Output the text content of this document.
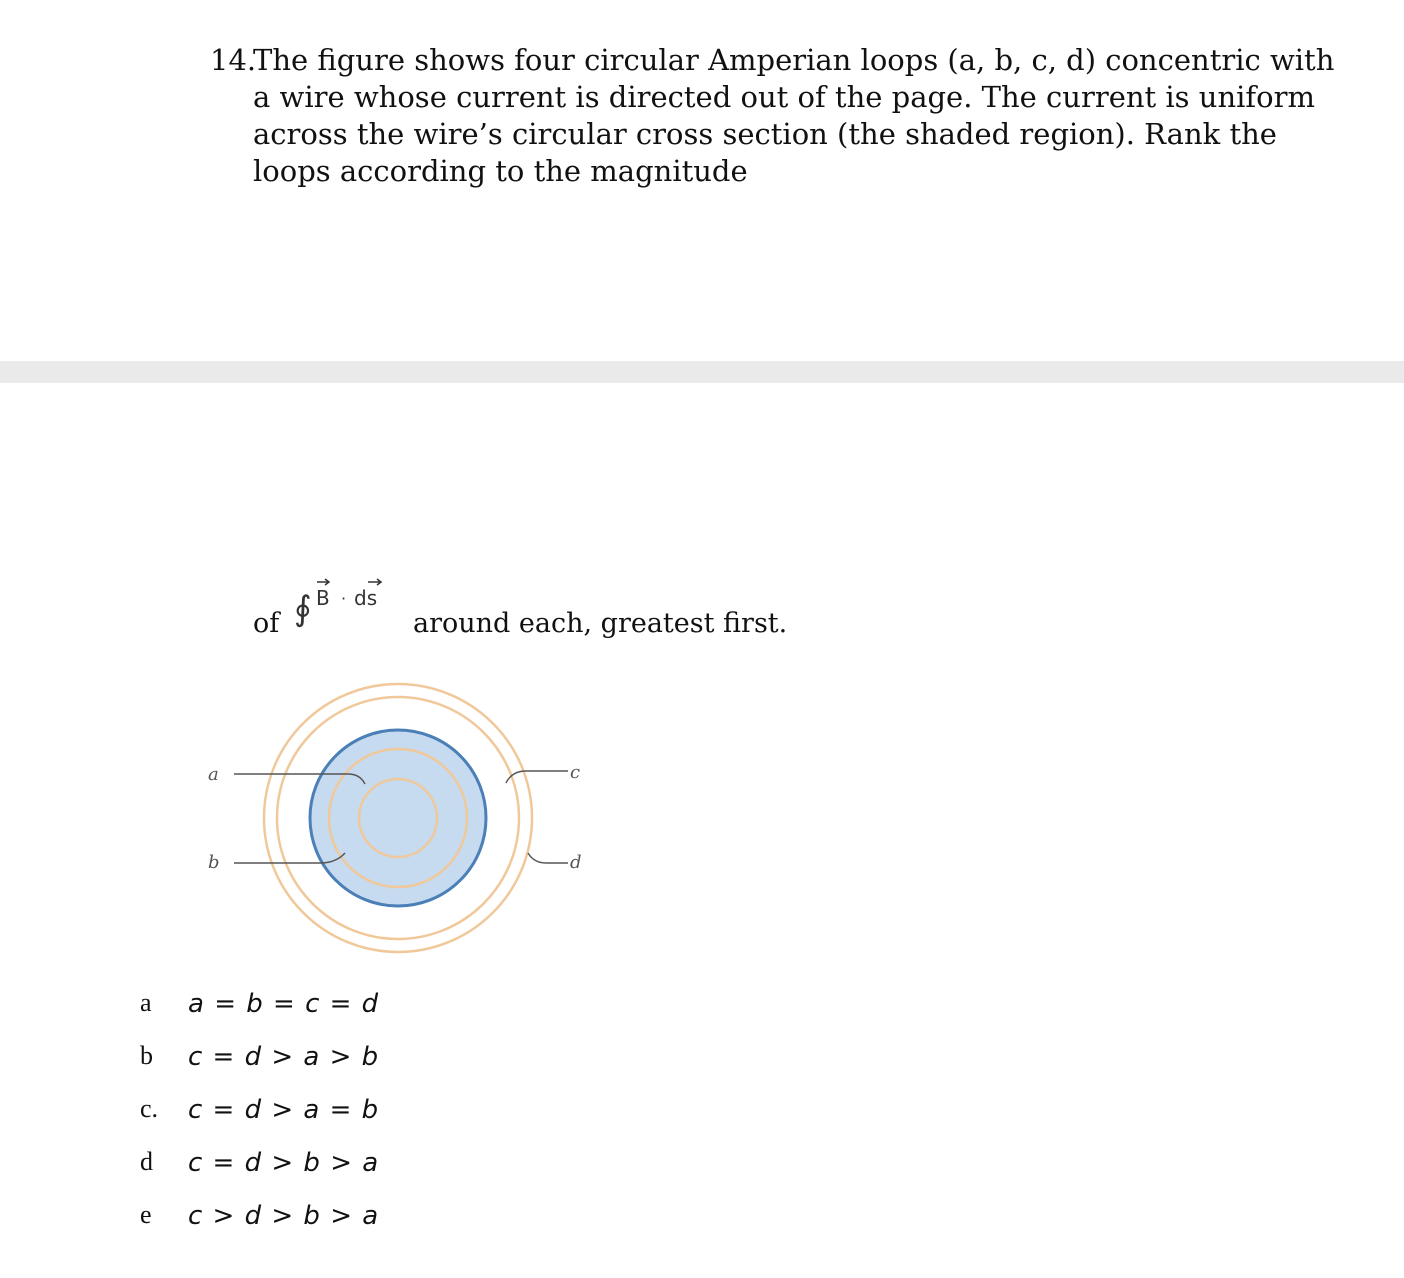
14.
The figure shows four circular Amperian loops (a, b, c, d) concentric with a wire whose current is directed out of the page. The current is uniform across the wire’s circular cross section (the shaded region). Rank the loops according to the magnitude
of ∮ B · ds
around each, greatest first.
a
b
c
d
a a = b = c = d
b c = d > a > b
c. c = d > a = b
d c = d > b > a
e c > d > b > a
